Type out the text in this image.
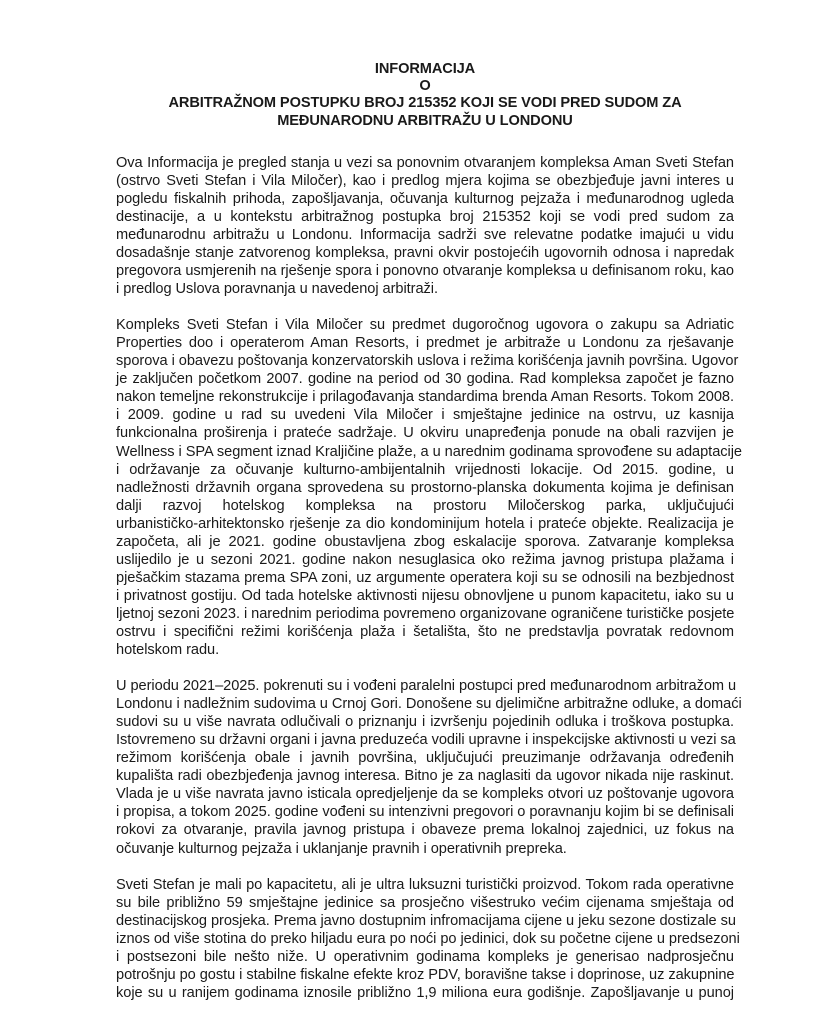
INFORMACIJA
O
ARBITRAŽNOM POSTUPKU BROJ 215352 KOJI SE VODI PRED SUDOM ZA
MEĐUNARODNU ARBITRAŽU U LONDONU
Ova Informacija je pregled stanja u vezi sa ponovnim otvaranjem kompleksa Aman Sveti Stefan
(ostrvo Sveti Stefan i Vila Miločer), kao i predlog mjera kojima se obezbjeđuje javni interes u
pogledu fiskalnih prihoda, zapošljavanja, očuvanja kulturnog pejzaža i međunarodnog ugleda
destinacije, a u kontekstu arbitražnog postupka broj 215352 koji se vodi pred sudom za
međunarodnu arbitražu u Londonu. Informacija sadrži sve relevatne podatke imajući u vidu
dosadašnje stanje zatvorenog kompleksa, pravni okvir postojećih ugovornih odnosa i napredak
pregovora usmjerenih na rješenje spora i ponovno otvaranje kompleksa u definisanom roku, kao
i predlog Uslova poravnanja u navedenoj arbitraži.
Kompleks Sveti Stefan i Vila Miločer su predmet dugoročnog ugovora o zakupu sa Adriatic
Properties doo i operaterom Aman Resorts, i predmet je arbitraže u Londonu za rješavanje
sporova i obavezu poštovanja konzervatorskih uslova i režima korišćenja javnih površina. Ugovor
je zaključen početkom 2007. godine na period od 30 godina. Rad kompleksa započet je fazno
nakon temeljne rekonstrukcije i prilagođavanja standardima brenda Aman Resorts. Tokom 2008.
i 2009. godine u rad su uvedeni Vila Miločer i smještajne jedinice na ostrvu, uz kasnija
funkcionalna proširenja i prateće sadržaje. U okviru unapređenja ponude na obali razvijen je
Wellness i SPA segment iznad Kraljičine plaže, a u narednim godinama sprovođene su adaptacije
i održavanje za očuvanje kulturno-ambijentalnih vrijednosti lokacije. Od 2015. godine, u
nadležnosti državnih organa sprovedena su prostorno-planska dokumenta kojima je definisan
dalji razvoj hotelskog kompleksa na prostoru Miločerskog parka, uključujući
urbanističko-arhitektonsko rješenje za dio kondominijum hotela i prateće objekte. Realizacija je
započeta, ali je 2021. godine obustavljena zbog eskalacije sporova. Zatvaranje kompleksa
uslijedilo je u sezoni 2021. godine nakon nesuglasica oko režima javnog pristupa plažama i
pješačkim stazama prema SPA zoni, uz argumente operatera koji su se odnosili na bezbjednost
i privatnost gostiju. Od tada hotelske aktivnosti nijesu obnovljene u punom kapacitetu, iako su u
ljetnoj sezoni 2023. i narednim periodima povremeno organizovane ograničene turističke posjete
ostrvu i specifični režimi korišćenja plaža i šetališta, što ne predstavlja povratak redovnom
hotelskom radu.
U periodu 2021–2025. pokrenuti su i vođeni paralelni postupci pred međunarodnom arbitražom u
Londonu i nadležnim sudovima u Crnoj Gori. Donošene su djelimične arbitražne odluke, a domaći
sudovi su u više navrata odlučivali o priznanju i izvršenju pojedinih odluka i troškova postupka.
Istovremeno su državni organi i javna preduzeća vodili upravne i inspekcijske aktivnosti u vezi sa
režimom korišćenja obale i javnih površina, uključujući preuzimanje održavanja određenih
kupališta radi obezbjeđenja javnog interesa. Bitno je za naglasiti da ugovor nikada nije raskinut.
Vlada je u više navrata javno isticala opredjeljenje da se kompleks otvori uz poštovanje ugovora
i propisa, a tokom 2025. godine vođeni su intenzivni pregovori o poravnanju kojim bi se definisali
rokovi za otvaranje, pravila javnog pristupa i obaveze prema lokalnoj zajednici, uz fokus na
očuvanje kulturnog pejzaža i uklanjanje pravnih i operativnih prepreka.
Sveti Stefan je mali po kapacitetu, ali je ultra luksuzni turistički proizvod. Tokom rada operativne
su bile približno 59 smještajne jedinice sa prosječno višestruko većim cijenama smještaja od
destinacijskog prosjeka. Prema javno dostupnim infromacijama cijene u jeku sezone dostizale su
iznos od više stotina do preko hiljadu eura po noći po jedinici, dok su početne cijene u predsezoni
i postsezoni bile nešto niže. U operativnim godinama kompleks je generisao nadprosječnu
potrošnju po gostu i stabilne fiskalne efekte kroz PDV, boravišne takse i doprinose, uz zakupnine
koje su u ranijem godinama iznosile približno 1,9 miliona eura godišnje. Zapošljavanje u punoj
